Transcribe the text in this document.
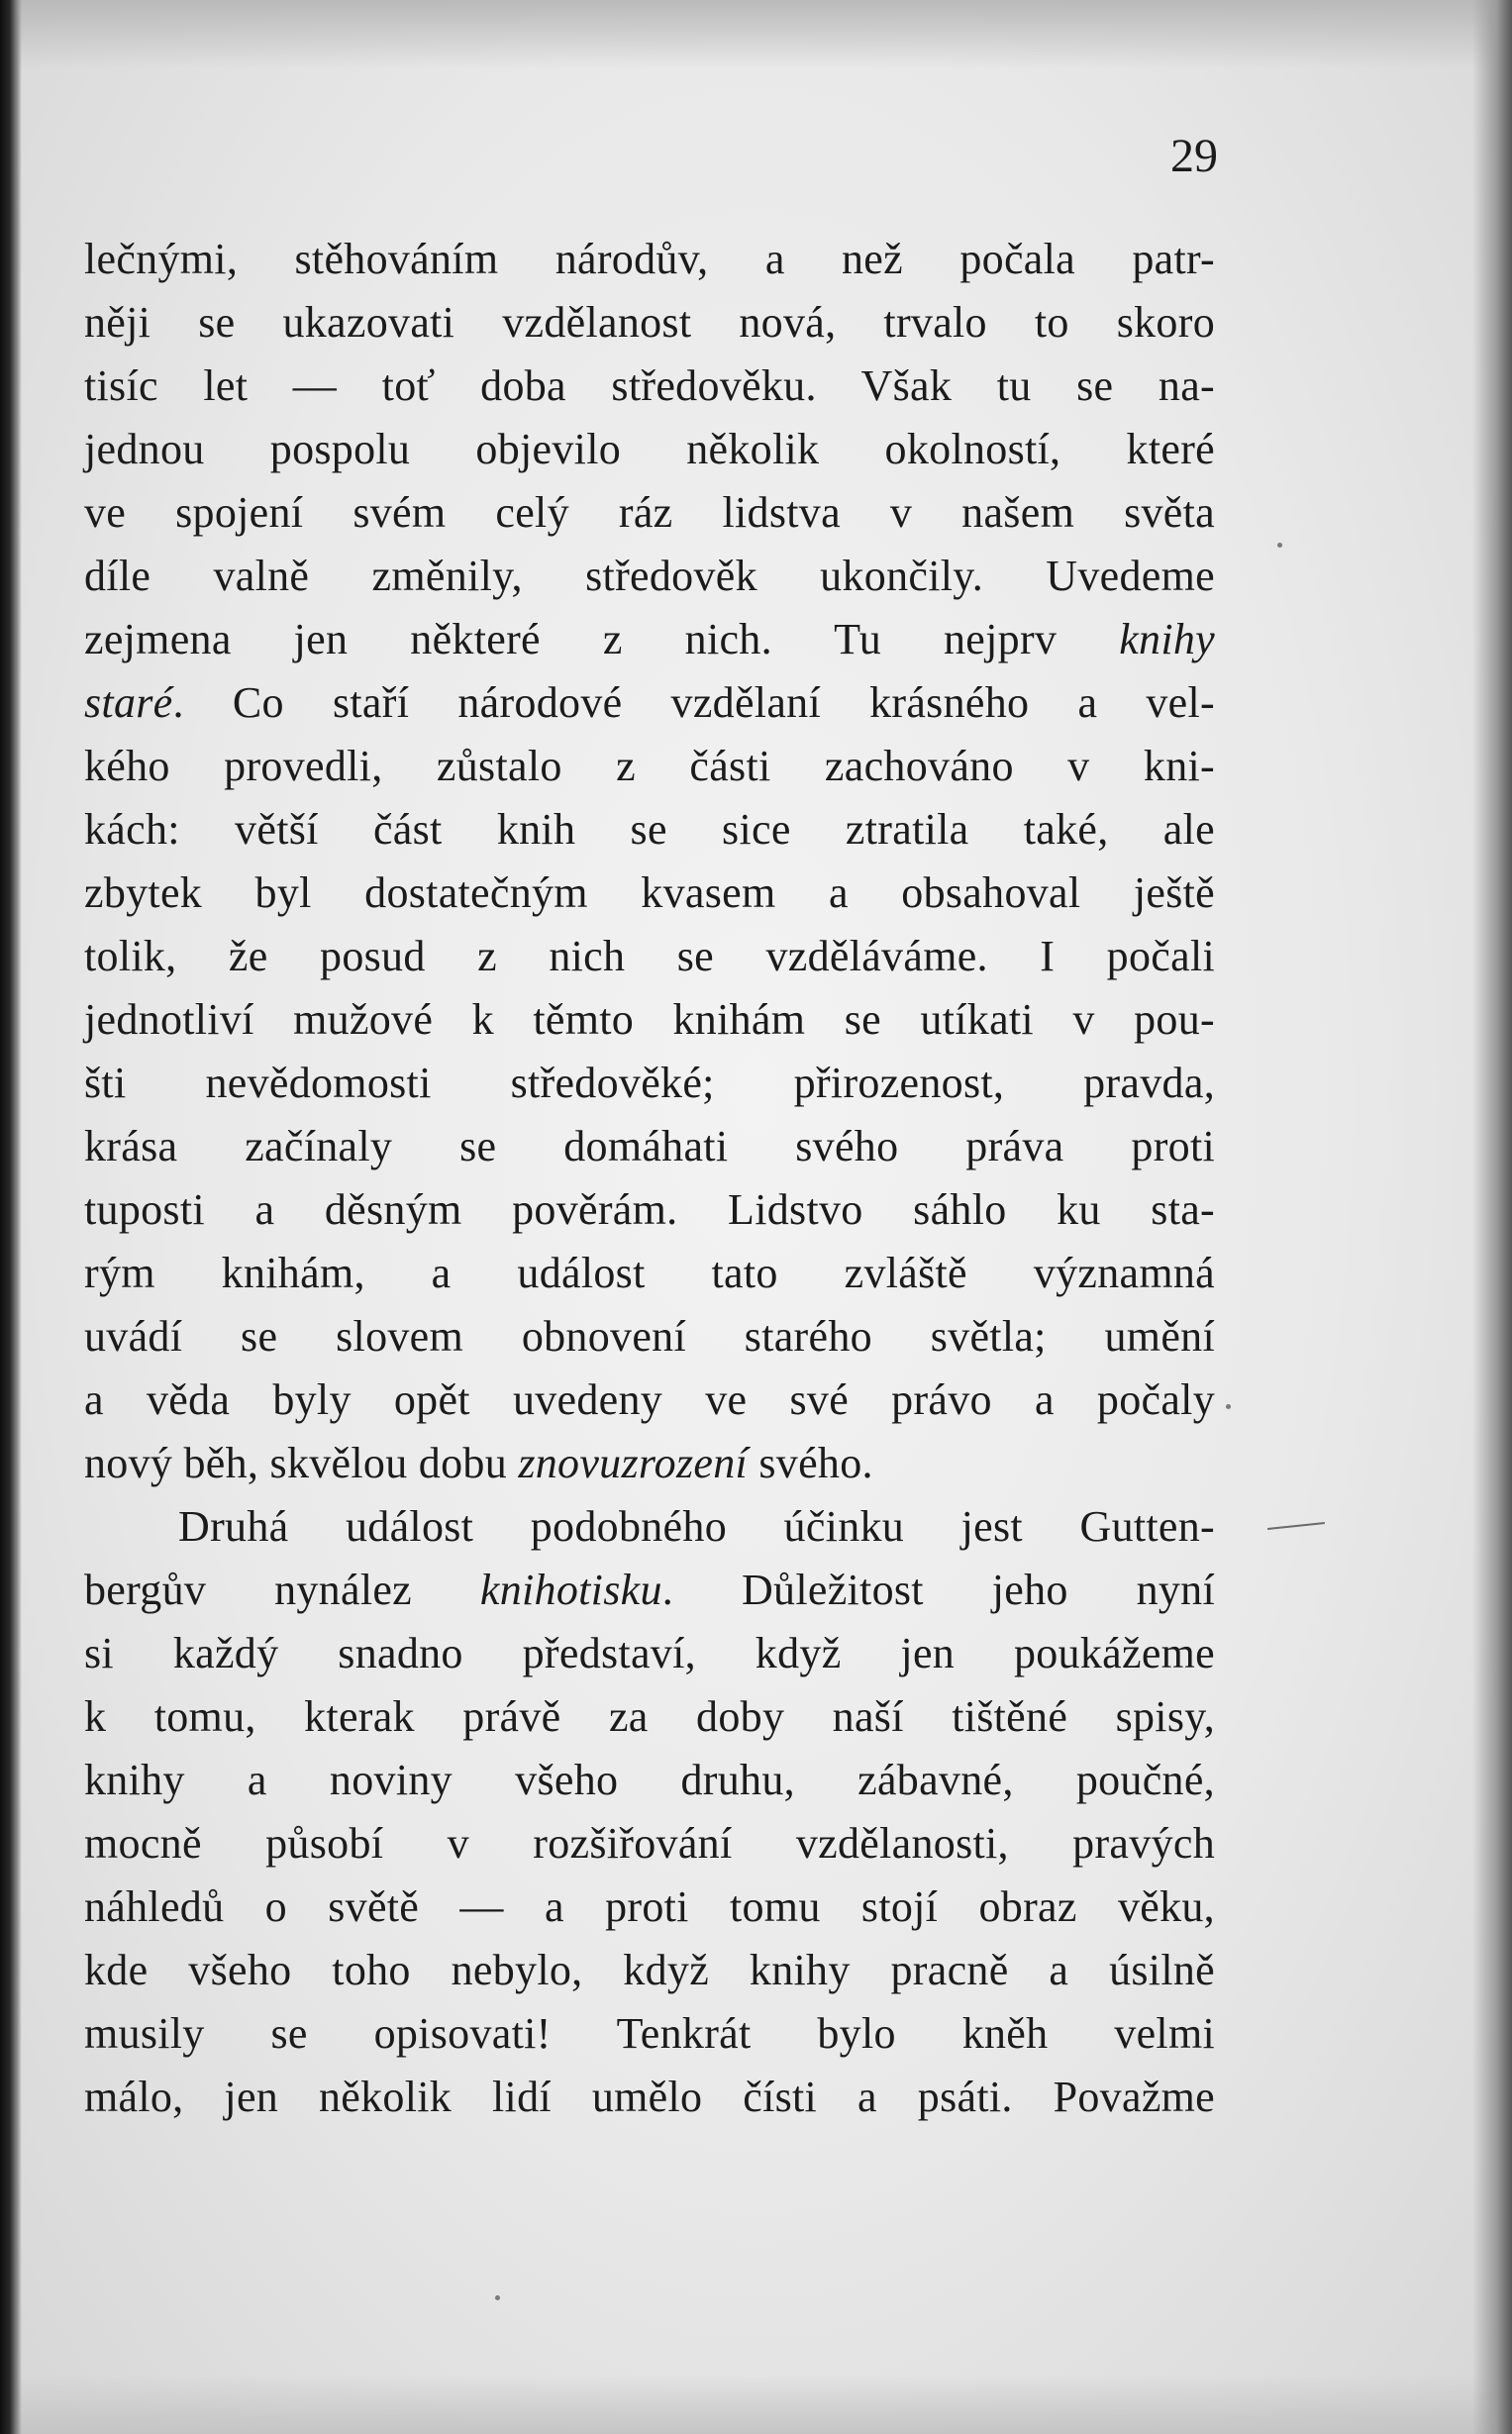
29
lečnými, stěhováním národův, a než počala patr-
něji se ukazovati vzdělanost nová, trvalo to skoro
tisíc let — toť doba středověku. Však tu se na-
jednou pospolu objevilo několik okolností, které
ve spojení svém celý ráz lidstva v našem světa
díle valně změnily, středověk ukončily. Uvedeme
zejmena jen některé z nich. Tu nejprv knihy
staré. Co staří národové vzdělaní krásného a vel-
kého provedli, zůstalo z části zachováno v kni-
kách: větší část knih se sice ztratila také, ale
zbytek byl dostatečným kvasem a obsahoval ještě
tolik, že posud z nich se vzděláváme. I počali
jednotliví mužové k těmto knihám se utíkati v pou-
šti nevědomosti středověké; přirozenost, pravda,
krása začínaly se domáhati svého práva proti
tuposti a děsným pověrám. Lidstvo sáhlo ku sta-
rým knihám, a událost tato zvláště významná
uvádí se slovem obnovení starého světla; umění
a věda byly opět uvedeny ve své právo a počaly
nový běh, skvělou dobu znovuzrození svého.
Druhá událost podobného účinku jest Gutten-
bergův nynález knihotisku. Důležitost jeho nyní
si každý snadno představí, když jen poukážeme
k tomu, kterak právě za doby naší tištěné spisy,
knihy a noviny všeho druhu, zábavné, poučné,
mocně působí v rozšiřování vzdělanosti, pravých
náhledů o světě — a proti tomu stojí obraz věku,
kde všeho toho nebylo, když knihy pracně a úsilně
musily se opisovati! Tenkrát bylo kněh velmi
málo, jen několik lidí umělo čísti a psáti. Považme
